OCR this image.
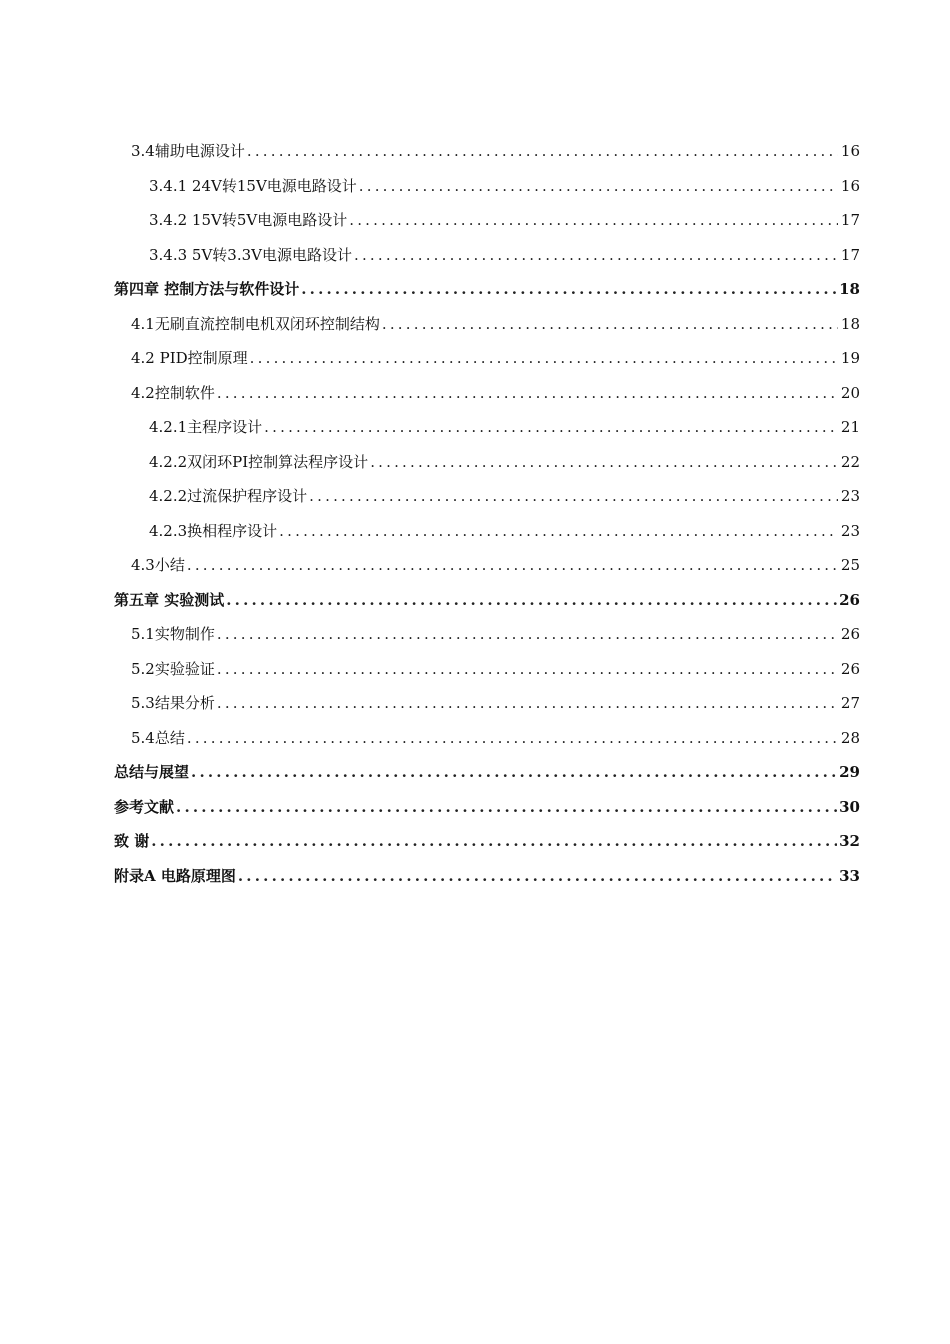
3.4辅助电源设计 .....	16
3.4.1 24V转15V电源电路设计 .....	16
3.4.2 15V转5V电源电路设计 .....	17
3.4.3 5V转3.3V电源电路设计 .....	17
第四章 控制方法与软件设计 .....	18
4.1无刷直流控制电机双闭环控制结构 .....	18
4.2 PID控制原理 .....	19
4.2控制软件 .....	20
4.2.1主程序设计 .....	21
4.2.2双闭环PI控制算法程序设计 .....	22
4.2.2过流保护程序设计 .....	23
4.2.3换相程序设计 .....	23
4.3小结 .....	25
第五章 实验测试 .....	26
5.1实物制作 .....	26
5.2实验验证 .....	26
5.3结果分析 .....	27
5.4总结 .....	28
总结与展望 .....	29
参考文献 .....	30
致 谢 .....	32
附录A 电路原理图 .....	33
